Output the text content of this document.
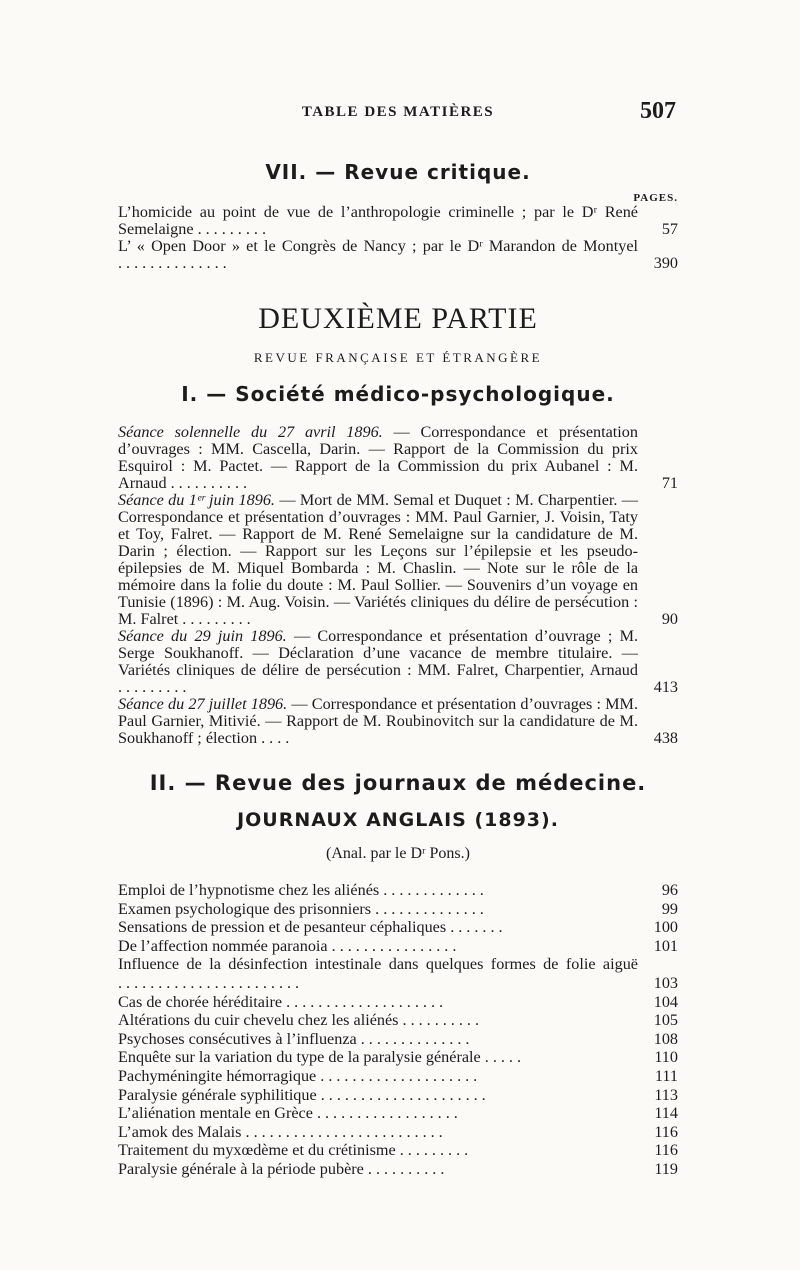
TABLE DES MATIÈRES	507
VII. — Revue critique.
PAGES.
L’homicide au point de vue de l’anthropologie criminelle ; par le Dʳ René Semelaigne .........	57
L’ « Open Door » et le Congrès de Nancy ; par le Dʳ Marandon de Montyel ..............	390
DEUXIÈME PARTIE
REVUE FRANÇAISE ET ÉTRANGÈRE
I. — Société médico-psychologique.
Séance solennelle du 27 avril 1896. — Correspondance et présentation d’ouvrages : MM. Cascella, Darin. — Rapport de la Commission du prix Esquirol : M. Pactet. — Rapport de la Commission du prix Aubanel : M. Arnaud ..........	71
Séance du 1ᵉʳ juin 1896. — Mort de MM. Semal et Duquet : M. Charpentier. — Correspondance et présentation d’ouvrages : MM. Paul Garnier, J. Voisin, Taty et Toy, Falret. — Rapport de M. René Semelaigne sur la candidature de M. Darin ; élection. — Rapport sur les Leçons sur l’épilepsie et les pseudo-épilepsies de M. Miquel Bombarda : M. Chaslin. — Note sur le rôle de la mémoire dans la folie du doute : M. Paul Sollier. — Souvenirs d’un voyage en Tunisie (1896) : M. Aug. Voisin. — Variétés cliniques du délire de persécution : M. Falret .........	90
Séance du 29 juin 1896. — Correspondance et présentation d’ouvrage ; M. Serge Soukhanoff. — Déclaration d’une vacance de membre titulaire. — Variétés cliniques de délire de persécution : MM. Falret, Charpentier, Arnaud .........	413
Séance du 27 juillet 1896. — Correspondance et présentation d’ouvrages : MM. Paul Garnier, Mitivié. — Rapport de M. Roubinovitch sur la candidature de M. Soukhanoff ; élection ....	438
II. — Revue des journaux de médecine.
JOURNAUX ANGLAIS (1893).
(Anal. par le Dʳ Pons.)
Emploi de l’hypnotisme chez les aliénés .............	96
Examen psychologique des prisonniers ..............	99
Sensations de pression et de pesanteur céphaliques .......	100
De l’affection nommée paranoia ................	101
Influence de la désinfection intestinale dans quelques formes de folie aiguë .......................	103
Cas de chorée héréditaire ....................	104
Altérations du cuir chevelu chez les aliénés ..........	105
Psychoses consécutives à l’influenza ..............	108
Enquête sur la variation du type de la paralysie générale .....	110
Pachyméningite hémorragique ....................	111
Paralysie générale syphilitique .....................	113
L’aliénation mentale en Grèce ..................	114
L’amok des Malais .........................	116
Traitement du myxœdème et du crétinisme .........	116
Paralysie générale à la période pubère ..........	119
